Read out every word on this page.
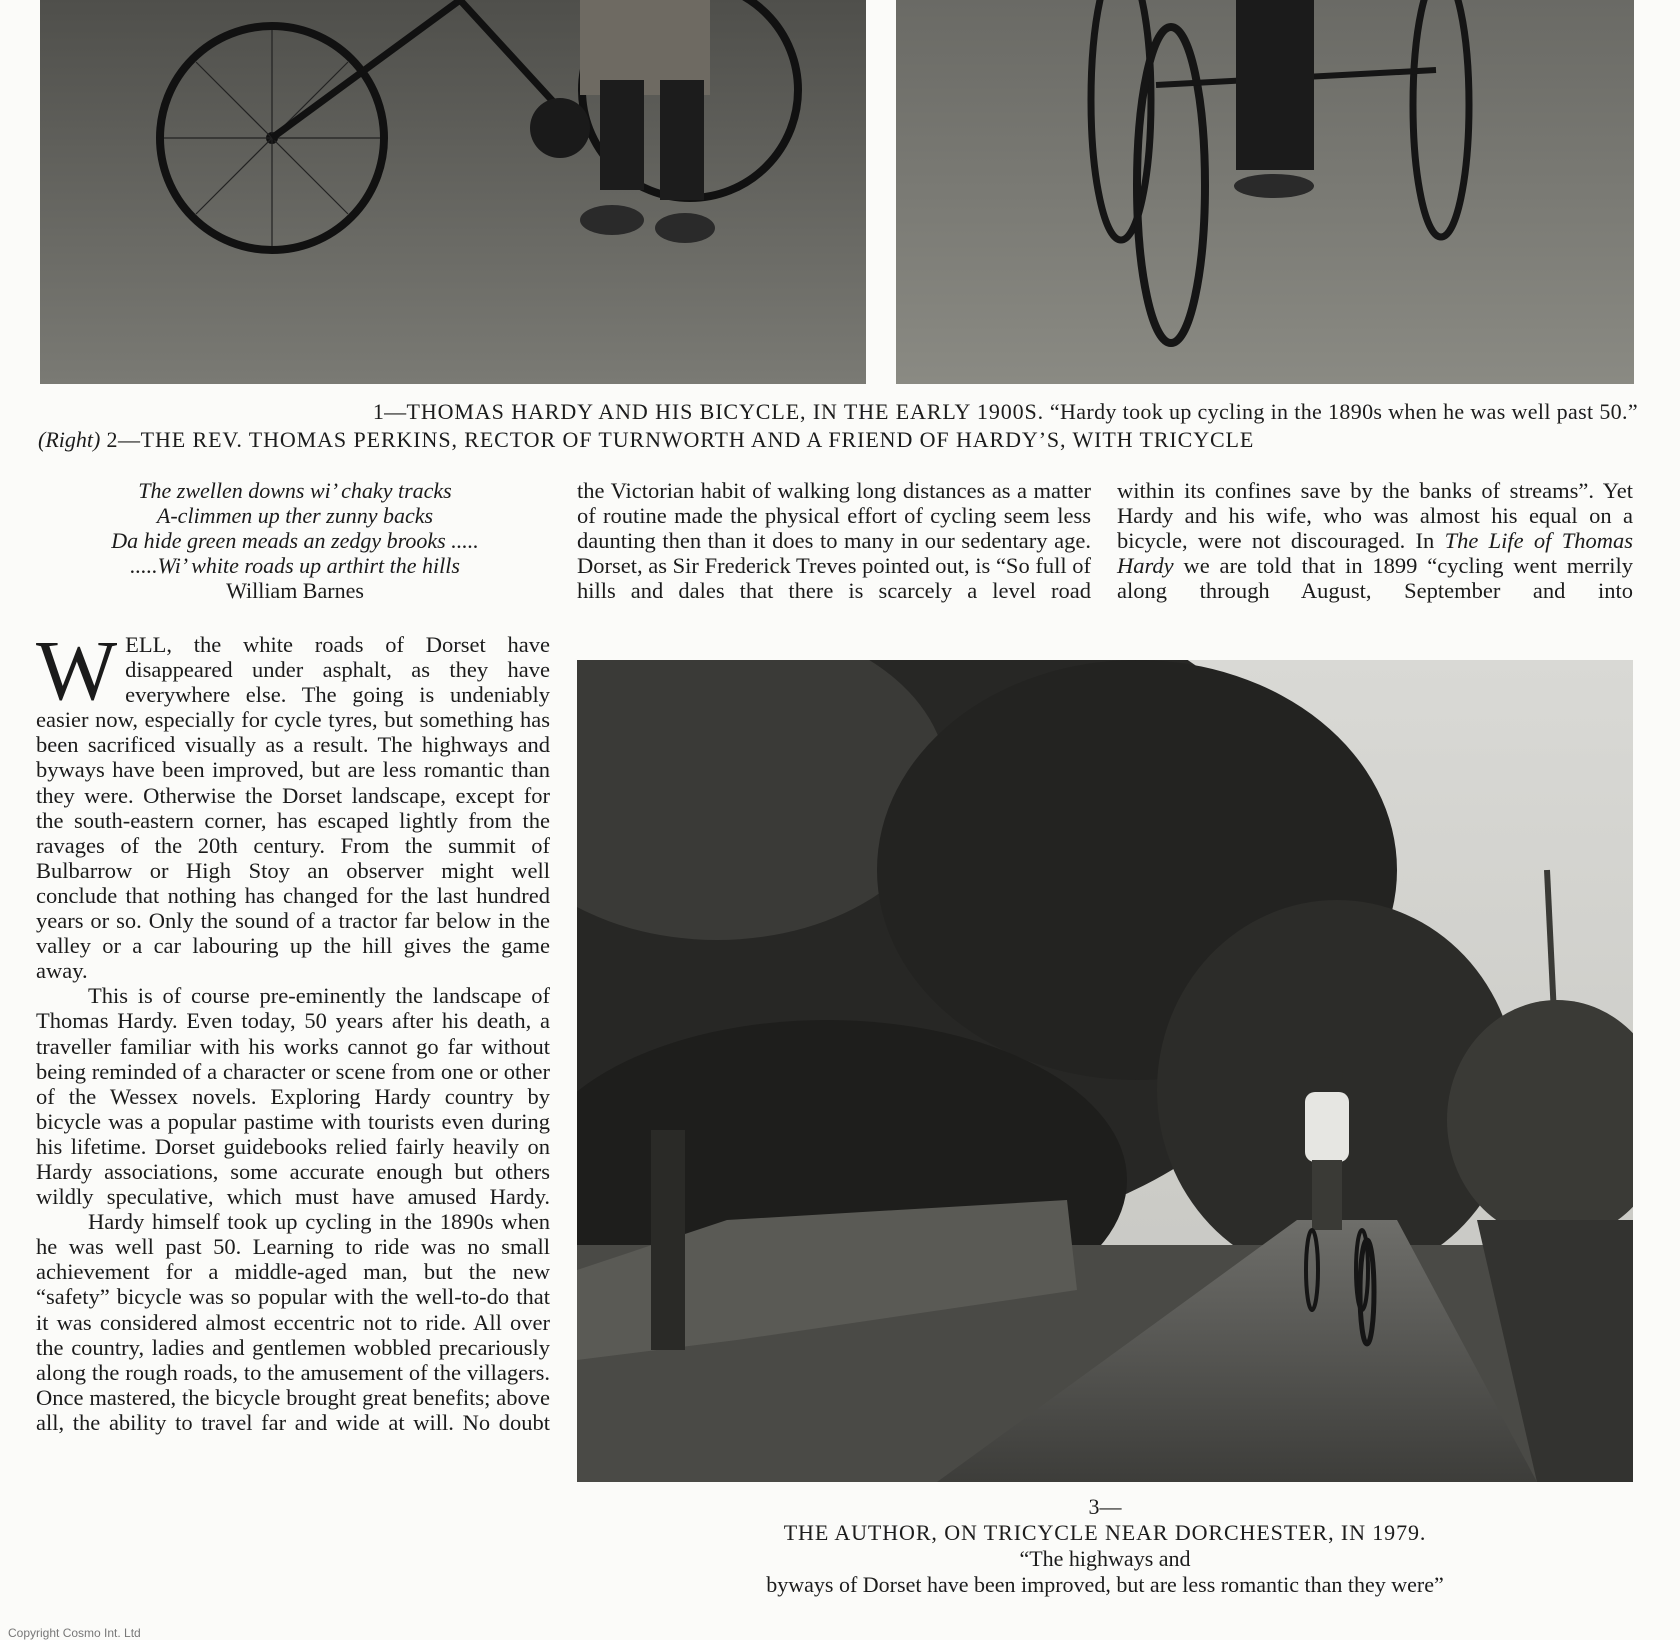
1—THOMAS HARDY AND HIS BICYCLE, IN THE EARLY 1900S. “Hardy took up cycling in the 1890s when he was well past 50.”
(Right) 2—THE REV. THOMAS PERKINS, RECTOR OF TURNWORTH AND A FRIEND OF HARDY’S, WITH TRICYCLE
The zwellen downs wi’ chaky tracks
A-climmen up ther zunny backs
Da hide green meads an zedgy brooks .....
.....Wi’ white roads up arthirt the hills
William Barnes

WELL, the white roads of Dorset have disappeared under asphalt, as they have everywhere else. The going is undeniably easier now, especially for cycle tyres, but something has been sacrificed visually as a result. The highways and byways have been improved, but are less romantic than they were. Otherwise the Dorset landscape, except for the south-eastern corner, has escaped lightly from the ravages of the 20th century. From the summit of Bulbarrow or High Stoy an observer might well conclude that nothing has changed for the last hundred years or so. Only the sound of a tractor far below in the valley or a car labouring up the hill gives the game away.

This is of course pre-eminently the landscape of Thomas Hardy. Even today, 50 years after his death, a traveller familiar with his works cannot go far without being reminded of a character or scene from one or other of the Wessex novels. Exploring Hardy country by bicycle was a popular pastime with tourists even during his lifetime. Dorset guidebooks relied fairly heavily on Hardy associations, some accurate enough but others wildly speculative, which must have amused Hardy.

Hardy himself took up cycling in the 1890s when he was well past 50. Learning to ride was no small achievement for a middle-aged man, but the new “safety” bicycle was so popular with the well-to-do that it was considered almost eccentric not to ride. All over the country, ladies and gentlemen wobbled precariously along the rough roads, to the amusement of the villagers. Once mastered, the bicycle brought great benefits; above all, the ability to travel far and wide at will. No doubt

the Victorian habit of walking long distances as a matter of routine made the physical effort of cycling seem less daunting then than it does to many in our sedentary age. Dorset, as Sir Frederick Treves pointed out, is “So full of hills and dales that there is scarcely a level road

within its confines save by the banks of streams”. Yet Hardy and his wife, who was almost his equal on a bicycle, were not discouraged. In The Life of Thomas Hardy we are told that in 1899 “cycling went merrily along through August, September and into

3—
THE AUTHOR, ON TRICYCLE NEAR DORCHESTER, IN 1979.
“The highways and
byways of Dorset have been improved, but are less romantic than they were”
Copyright Cosmo Int. Ltd
